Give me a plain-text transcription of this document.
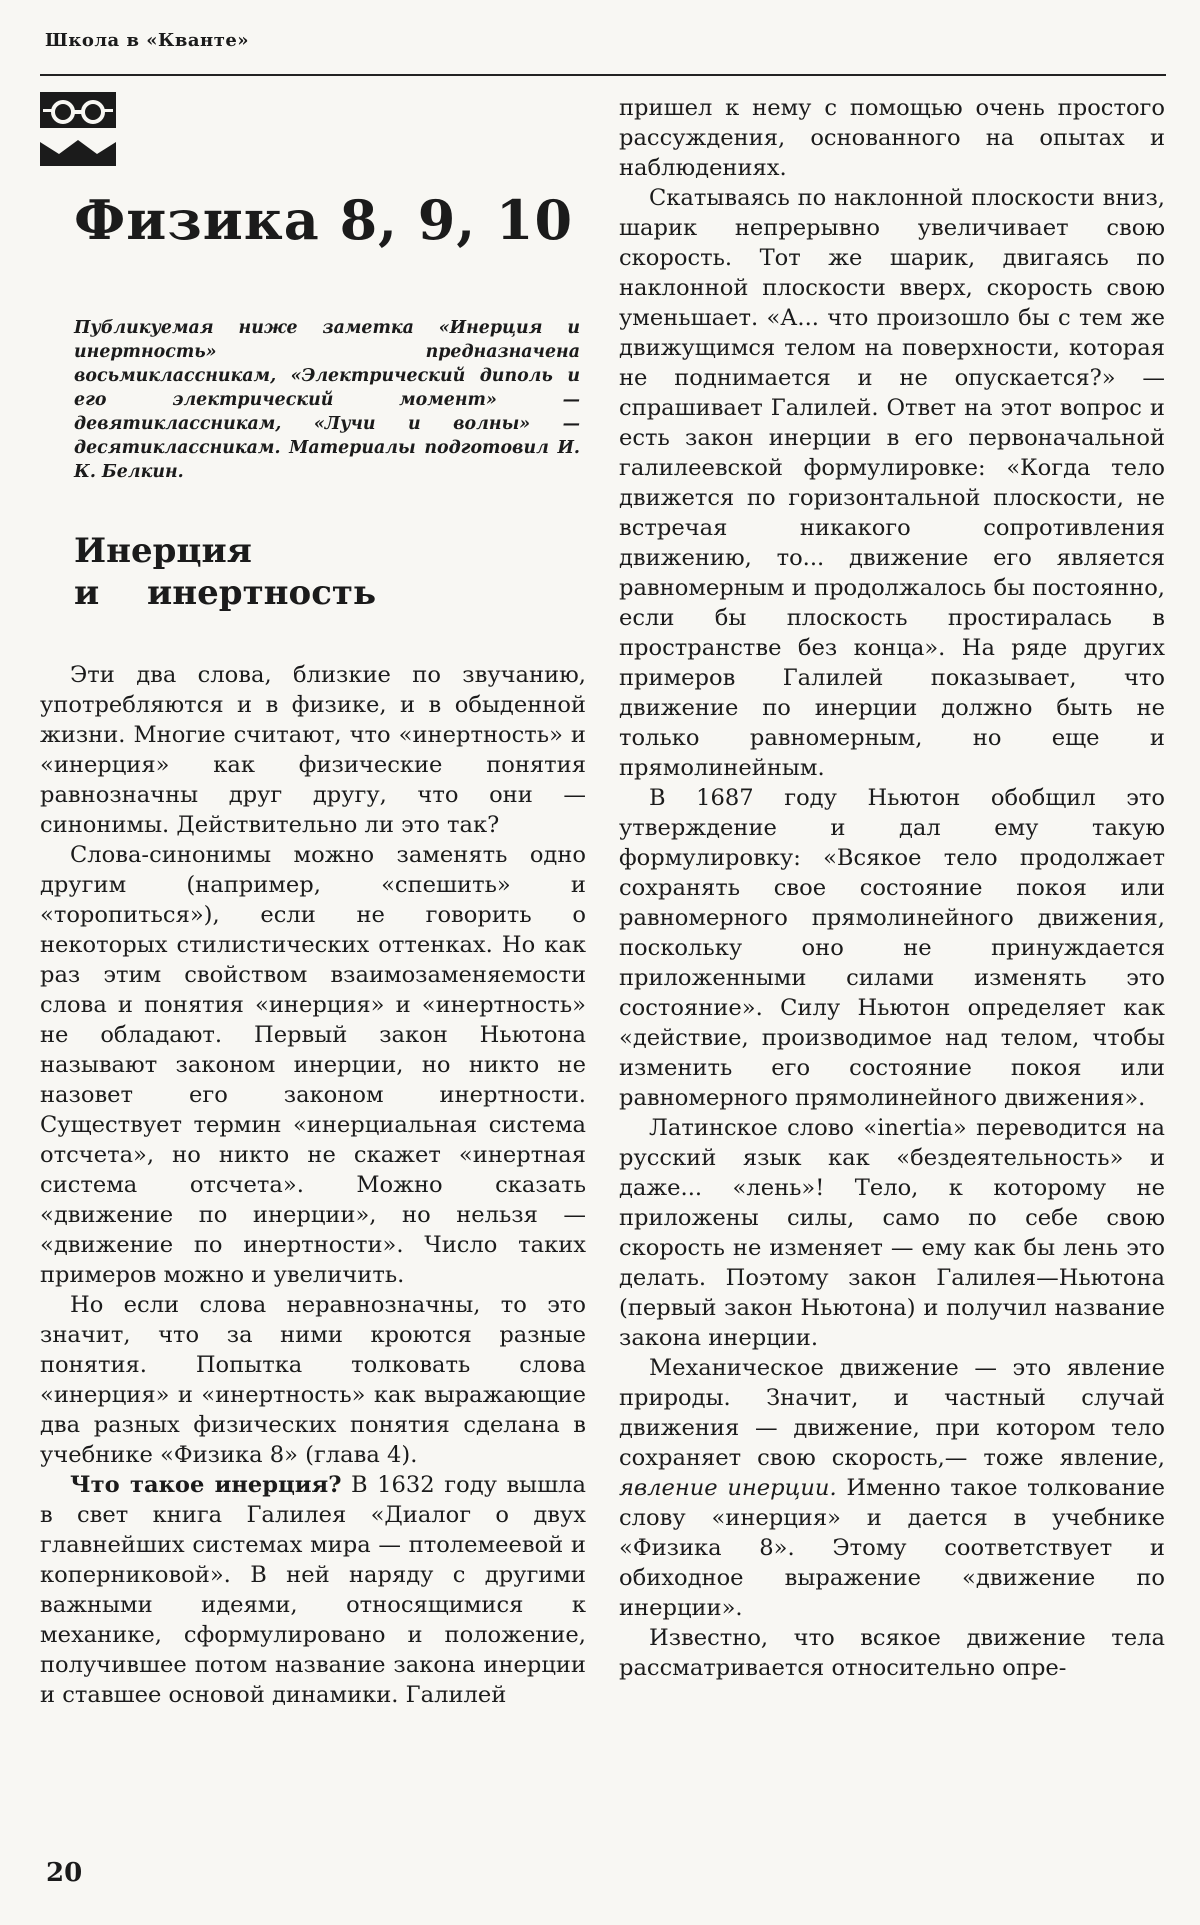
Школа в «Кванте»
Физика 8, 9, 10

Публикуемая ниже заметка «Инерция и инертность» предназначена восьмиклассникам, «Электрический диполь и его электрический момент» — девятиклассникам, «Лучи и волны» — десятиклассникам. Материалы подготовил И. К. Белкин.

Инерция
и инертность

Эти два слова, близкие по звучанию, употребляются и в физике, и в обыденной жизни. Многие считают, что «инертность» и «инерция» как физические понятия равнозначны друг другу, что они — синонимы. Действительно ли это так?

Слова-синонимы можно заменять одно другим (например, «спешить» и «торопиться»), если не говорить о некоторых стилистических оттенках. Но как раз этим свойством взаимозаменяемости слова и понятия «инерция» и «инертность» не обладают. Первый закон Ньютона называют законом инерции, но никто не назовет его законом инертности. Существует термин «инерциальная система отсчета», но никто не скажет «инертная система отсчета». Можно сказать «движение по инерции», но нельзя — «движение по инертности». Число таких примеров можно и увеличить.

Но если слова неравнозначны, то это значит, что за ними кроются разные понятия. Попытка толковать слова «инерция» и «инертность» как выражающие два разных физических понятия сделана в учебнике «Физика 8» (глава 4).

Что такое инерция? В 1632 году вышла в свет книга Галилея «Диалог о двух главнейших системах мира — птолемеевой и коперниковой». В ней наряду с другими важными идеями, относящимися к механике, сформулировано и положение, получившее потом название закона инерции и ставшее основой динамики. Галилей

пришел к нему с помощью очень простого рассуждения, основанного на опытах и наблюдениях.

Скатываясь по наклонной плоскости вниз, шарик непрерывно увеличивает свою скорость. Тот же шарик, двигаясь по наклонной плоскости вверх, скорость свою уменьшает. «А... что произошло бы с тем же движущимся телом на поверхности, которая не поднимается и не опускается?» — спрашивает Галилей. Ответ на этот вопрос и есть закон инерции в его первоначальной галилеевской формулировке: «Когда тело движется по горизонтальной плоскости, не встречая никакого сопротивления движению, то... движение его является равномерным и продолжалось бы постоянно, если бы плоскость простиралась в пространстве без конца». На ряде других примеров Галилей показывает, что движение по инерции должно быть не только равномерным, но еще и прямолинейным.

В 1687 году Ньютон обобщил это утверждение и дал ему такую формулировку: «Всякое тело продолжает сохранять свое состояние покоя или равномерного прямолинейного движения, поскольку оно не принуждается приложенными силами изменять это состояние». Силу Ньютон определяет как «действие, производимое над телом, чтобы изменить его состояние покоя или равномерного прямолинейного движения».

Латинское слово «inertia» переводится на русский язык как «бездеятельность» и даже... «лень»! Тело, к которому не приложены силы, само по себе свою скорость не изменяет — ему как бы лень это делать. Поэтому закон Галилея—Ньютона (первый закон Ньютона) и получил название закона инерции.

Механическое движение — это явление природы. Значит, и частный случай движения — движение, при котором тело сохраняет свою скорость,— тоже явление, явление инерции. Именно такое толкование слову «инерция» и дается в учебнике «Физика 8». Этому соответствует и обиходное выражение «движение по инерции».

Известно, что всякое движение тела рассматривается относительно опре-

20
